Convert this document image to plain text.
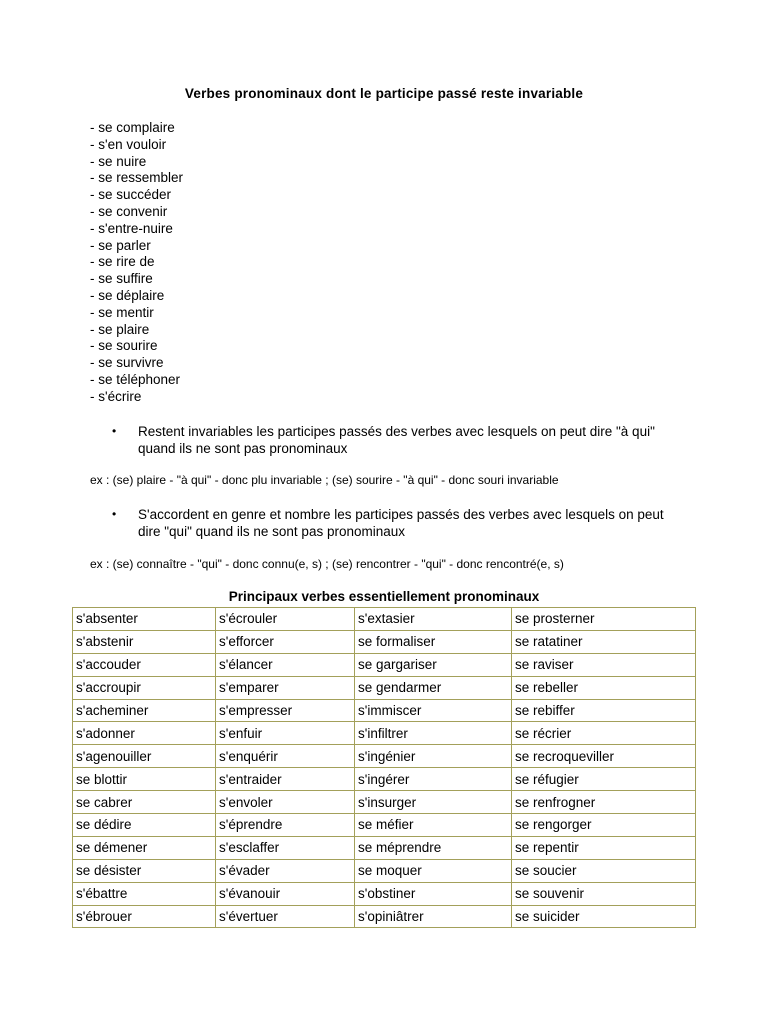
Verbes pronominaux dont le participe passé reste invariable
- se complaire
- s'en vouloir
- se nuire
- se ressembler
- se succéder
- se convenir
- s'entre-nuire
- se parler
- se rire de
- se suffire
- se déplaire
- se mentir
- se plaire
- se sourire
- se survivre
- se téléphoner
- s'écrire
• Restent invariables les participes passés des verbes avec lesquels on peut dire "à qui" quand ils ne sont pas pronominaux
ex : (se) plaire - "à qui" - donc plu invariable ; (se) sourire - "à qui" - donc souri invariable
• S'accordent en genre et nombre les participes passés des verbes avec lesquels on peut dire "qui" quand ils ne sont pas pronominaux
ex : (se) connaître - "qui" - donc connu(e, s) ; (se) rencontrer - "qui" - donc rencontré(e, s)
Principaux verbes essentiellement pronominaux
s'absenter	s'écrouler	s'extasier	se prosterner
s'abstenir	s'efforcer	se formaliser	se ratatiner
s'accouder	s'élancer	se gargariser	se raviser
s'accroupir	s'emparer	se gendarmer	se rebeller
s'acheminer	s'empresser	s'immiscer	se rebiffer
s'adonner	s'enfuir	s'infiltrer	se récrier
s'agenouiller	s'enquérir	s'ingénier	se recroqueviller
se blottir	s'entraider	s'ingérer	se réfugier
se cabrer	s'envoler	s'insurger	se renfrogner
se dédire	s'éprendre	se méfier	se rengorger
se démener	s'esclaffer	se méprendre	se repentir
se désister	s'évader	se moquer	se soucier
s'ébattre	s'évanouir	s'obstiner	se souvenir
s'ébrouer	s'évertuer	s'opiniâtrer	se suicider
